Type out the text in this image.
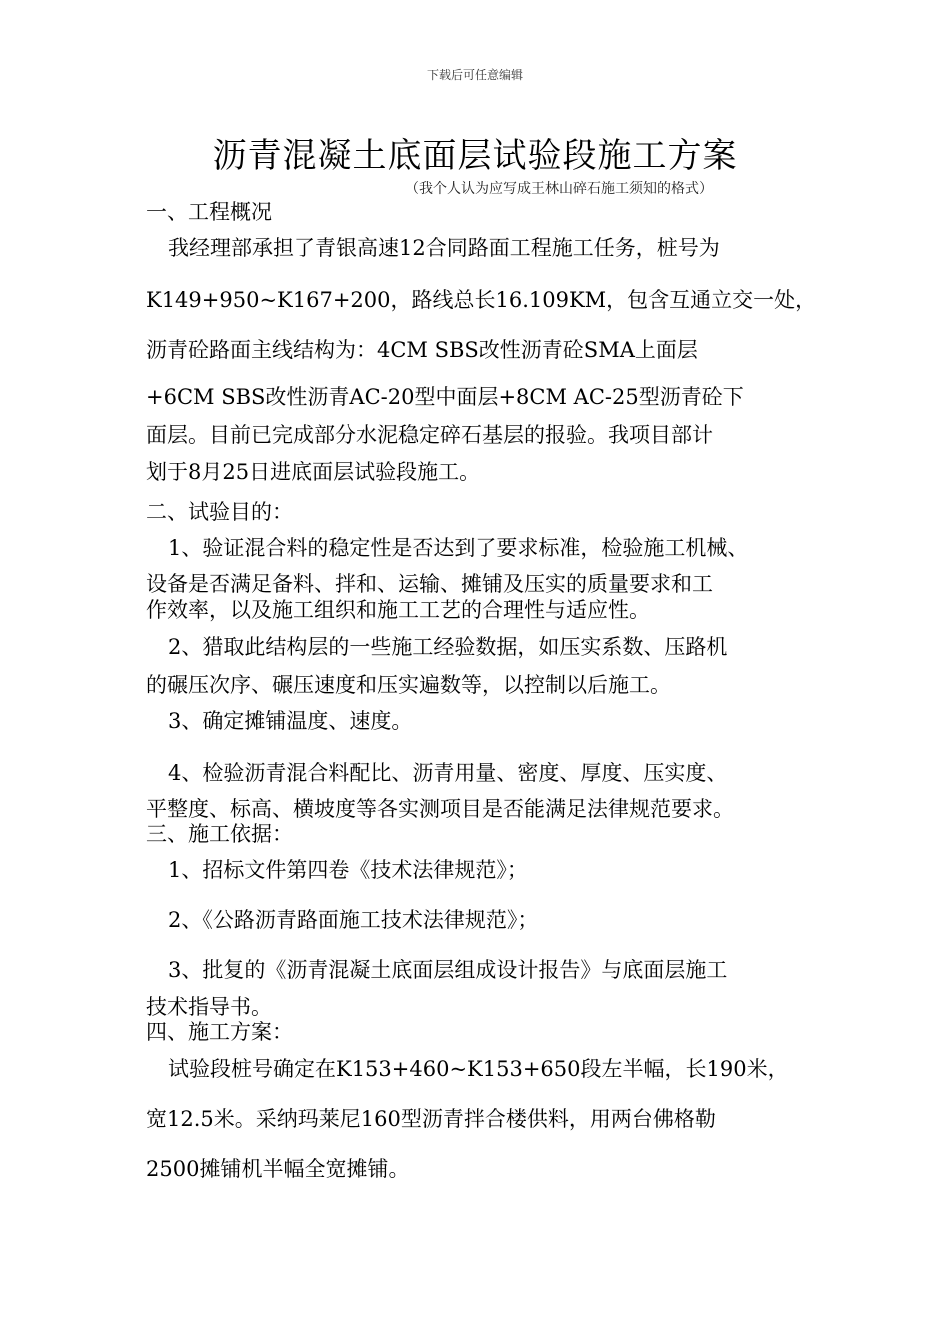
下载后可任意编辑
沥青混凝土底面层试验段施工方案
（我个人认为应写成王林山碎石施工须知的格式）
一、工程概况
我经理部承担了青银高速12合同路面工程施工任务，桩号为
K149+950~K167+200，路线总长16.109KM，包含互通立交一处，
沥青砼路面主线结构为：4CM SBS改性沥青砼SMA上面层
+6CM SBS改性沥青AC-20型中面层+8CM AC-25型沥青砼下
面层。目前已完成部分水泥稳定碎石基层的报验。我项目部计
划于8月25日进底面层试验段施工。
二、试验目的：
1、验证混合料的稳定性是否达到了要求标准，检验施工机械、
设备是否满足备料、拌和、运输、摊铺及压实的质量要求和工
作效率，以及施工组织和施工工艺的合理性与适应性。
2、猎取此结构层的一些施工经验数据，如压实系数、压路机
的碾压次序、碾压速度和压实遍数等，以控制以后施工。
3、确定摊铺温度、速度。
4、检验沥青混合料配比、沥青用量、密度、厚度、压实度、
平整度、标高、横坡度等各实测项目是否能满足法律规范要求。
三、施工依据：
1、招标文件第四卷《技术法律规范》；
2、《公路沥青路面施工技术法律规范》；
3、批复的《沥青混凝土底面层组成设计报告》与底面层施工
技术指导书。
四、施工方案：
试验段桩号确定在K153+460~K153+650段左半幅，长190米，
宽12.5米。采纳玛莱尼160型沥青拌合楼供料，用两台佛格勒
2500摊铺机半幅全宽摊铺。
